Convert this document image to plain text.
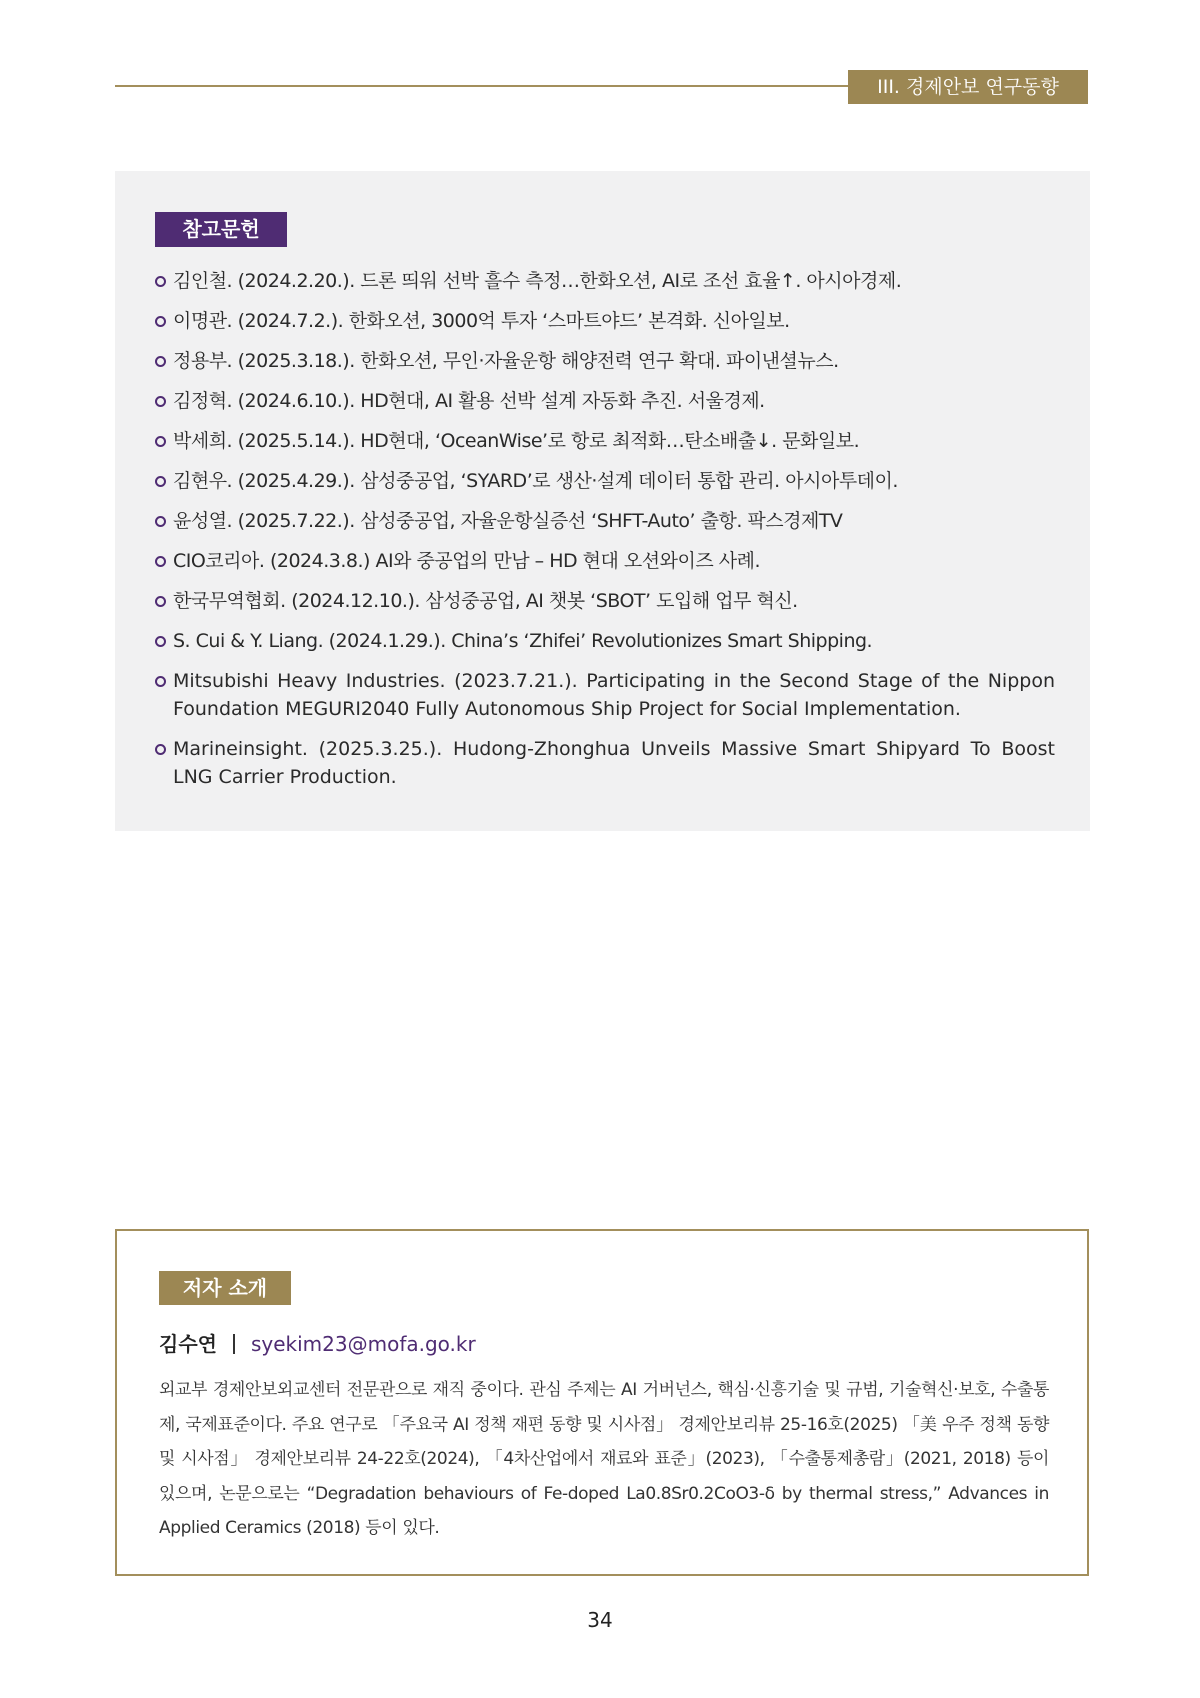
III. 경제안보 연구동향
참고문헌
김인철. (2024.2.20.). 드론 띄워 선박 흘수 측정…한화오션, AI로 조선 효율↑. 아시아경제.
이명관. (2024.7.2.). 한화오션, 3000억 투자 ‘스마트야드’ 본격화. 신아일보.
정용부. (2025.3.18.). 한화오션, 무인·자율운항 해양전력 연구 확대. 파이낸셜뉴스.
김정혁. (2024.6.10.). HD현대, AI 활용 선박 설계 자동화 추진. 서울경제.
박세희. (2025.5.14.). HD현대, ‘OceanWise’로 항로 최적화…탄소배출↓. 문화일보.
김현우. (2025.4.29.). 삼성중공업, ‘SYARD’로 생산·설계 데이터 통합 관리. 아시아투데이.
윤성열. (2025.7.22.). 삼성중공업, 자율운항실증선 ‘SHFT-Auto’ 출항. 팍스경제TV
CIO코리아. (2024.3.8.) AI와 중공업의 만남 – HD 현대 오션와이즈 사례.
한국무역협회. (2024.12.10.). 삼성중공업, AI 챗봇 ‘SBOT’ 도입해 업무 혁신.
S. Cui & Y. Liang. (2024.1.29.). China’s ‘Zhifei’ Revolutionizes Smart Shipping.
Mitsubishi Heavy Industries. (2023.7.21.). Participating in the Second Stage of the Nippon Foundation MEGURI2040 Fully Autonomous Ship Project for Social Implementation.
Marineinsight. (2025.3.25.). Hudong-Zhonghua Unveils Massive Smart Shipyard To Boost LNG Carrier Production.
저자 소개
김수연 syekim23@mofa.go.kr
외교부 경제안보외교센터 전문관으로 재직 중이다. 관심 주제는 AI 거버넌스, 핵심·신흥기술 및 규범, 기술혁신·보호, 수출통제, 국제표준이다. 주요 연구로 「주요국 AI 정책 재편 동향 및 시사점」 경제안보리뷰 25-16호(2025) 「美 우주 정책 동향 및 시사점」 경제안보리뷰 24-22호(2024), 「4차산업에서 재료와 표준」(2023), 「수출통제총람」(2021, 2018) 등이 있으며, 논문으로는 “Degradation behaviours of Fe-doped La0.8Sr0.2CoO3-δ by thermal stress,” Advances in Applied Ceramics (2018) 등이 있다.
34
